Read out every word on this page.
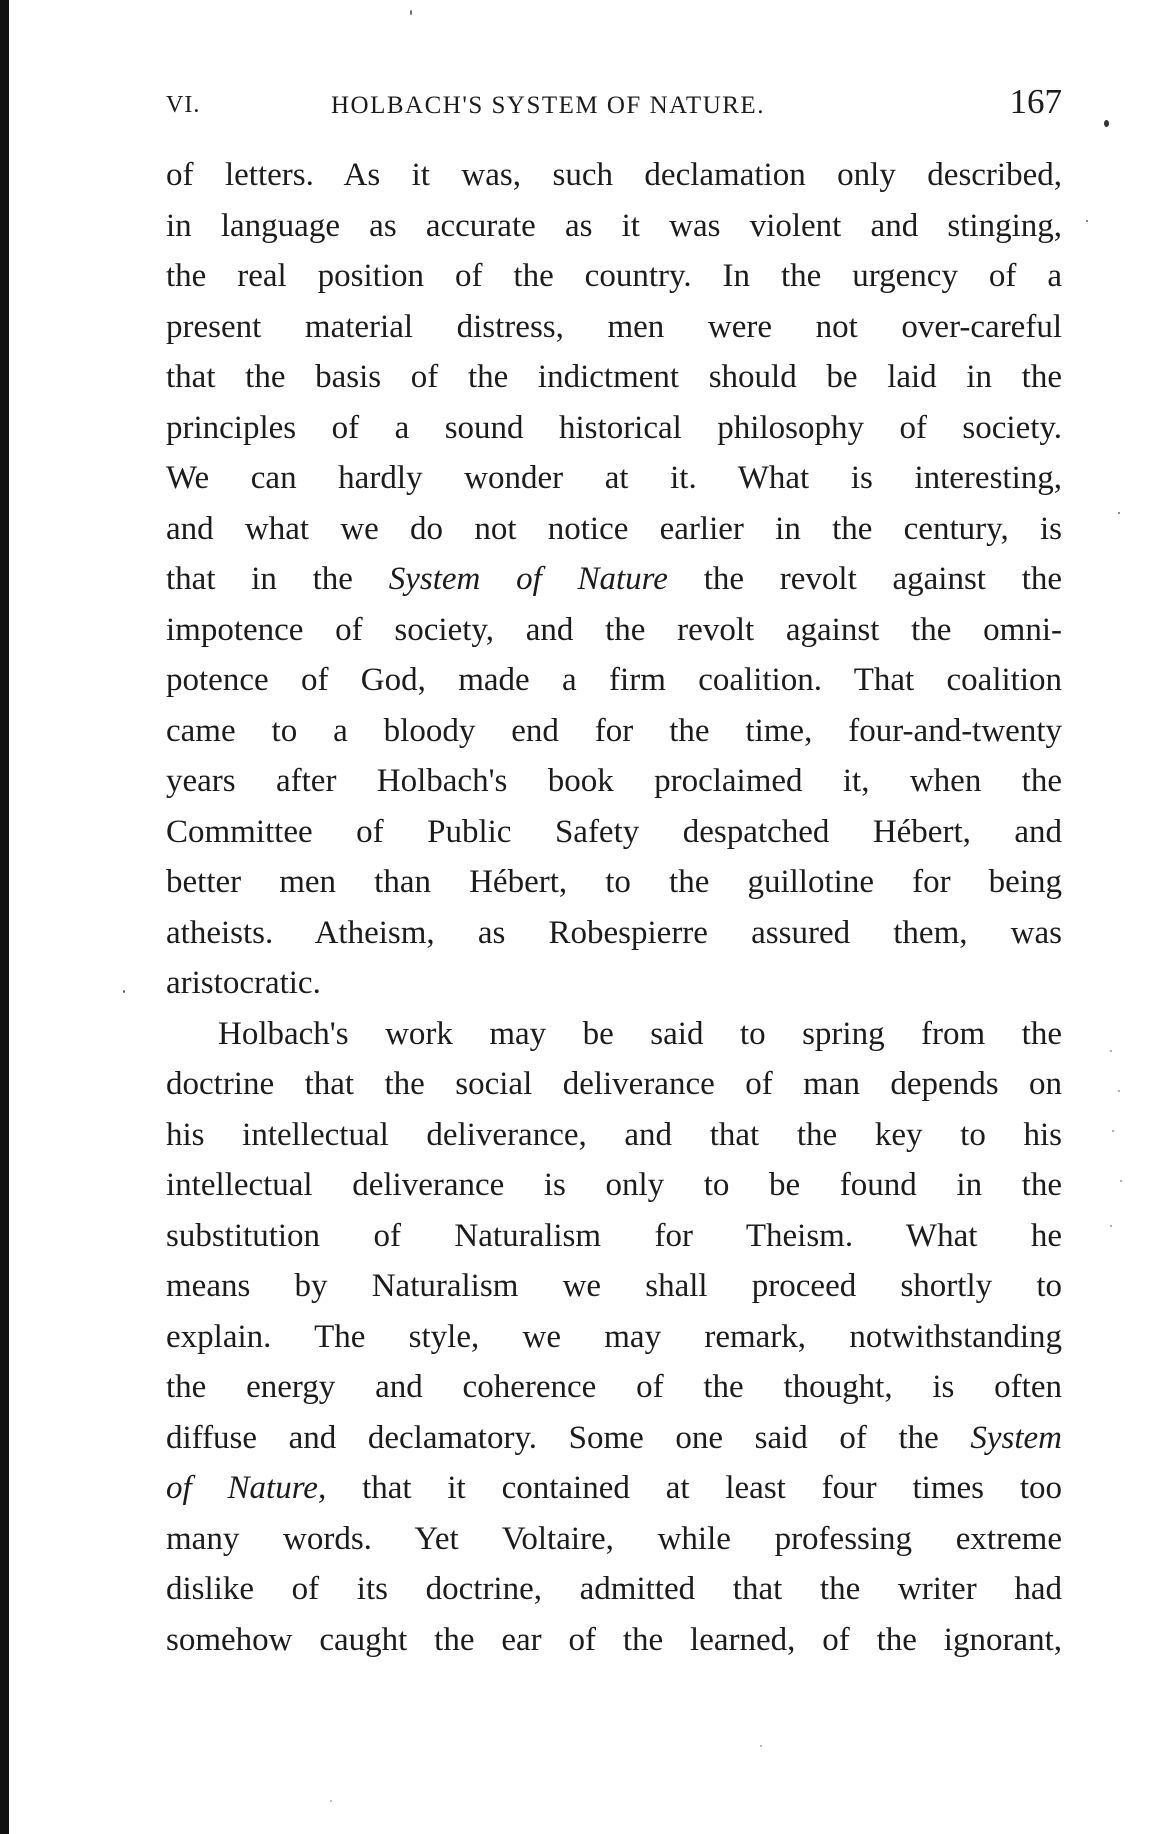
VI.	HOLBACH'S SYSTEM OF NATURE.	167
of letters. As it was, such declamation only described,
in language as accurate as it was violent and stinging,
the real position of the country. In the urgency of a
present material distress, men were not over-careful
that the basis of the indictment should be laid in the
principles of a sound historical philosophy of society.
We can hardly wonder at it. What is interesting,
and what we do not notice earlier in the century, is
that in the System of Nature the revolt against the
impotence of society, and the revolt against the omni-
potence of God, made a firm coalition. That coalition
came to a bloody end for the time, four-and-twenty
years after Holbach's book proclaimed it, when the
Committee of Public Safety despatched Hébert, and
better men than Hébert, to the guillotine for being
atheists. Atheism, as Robespierre assured them, was
aristocratic.
Holbach's work may be said to spring from the
doctrine that the social deliverance of man depends on
his intellectual deliverance, and that the key to his
intellectual deliverance is only to be found in the
substitution of Naturalism for Theism. What he
means by Naturalism we shall proceed shortly to
explain. The style, we may remark, notwithstanding
the energy and coherence of the thought, is often
diffuse and declamatory. Some one said of the System
of Nature, that it contained at least four times too
many words. Yet Voltaire, while professing extreme
dislike of its doctrine, admitted that the writer had
somehow caught the ear of the learned, of the ignorant,
